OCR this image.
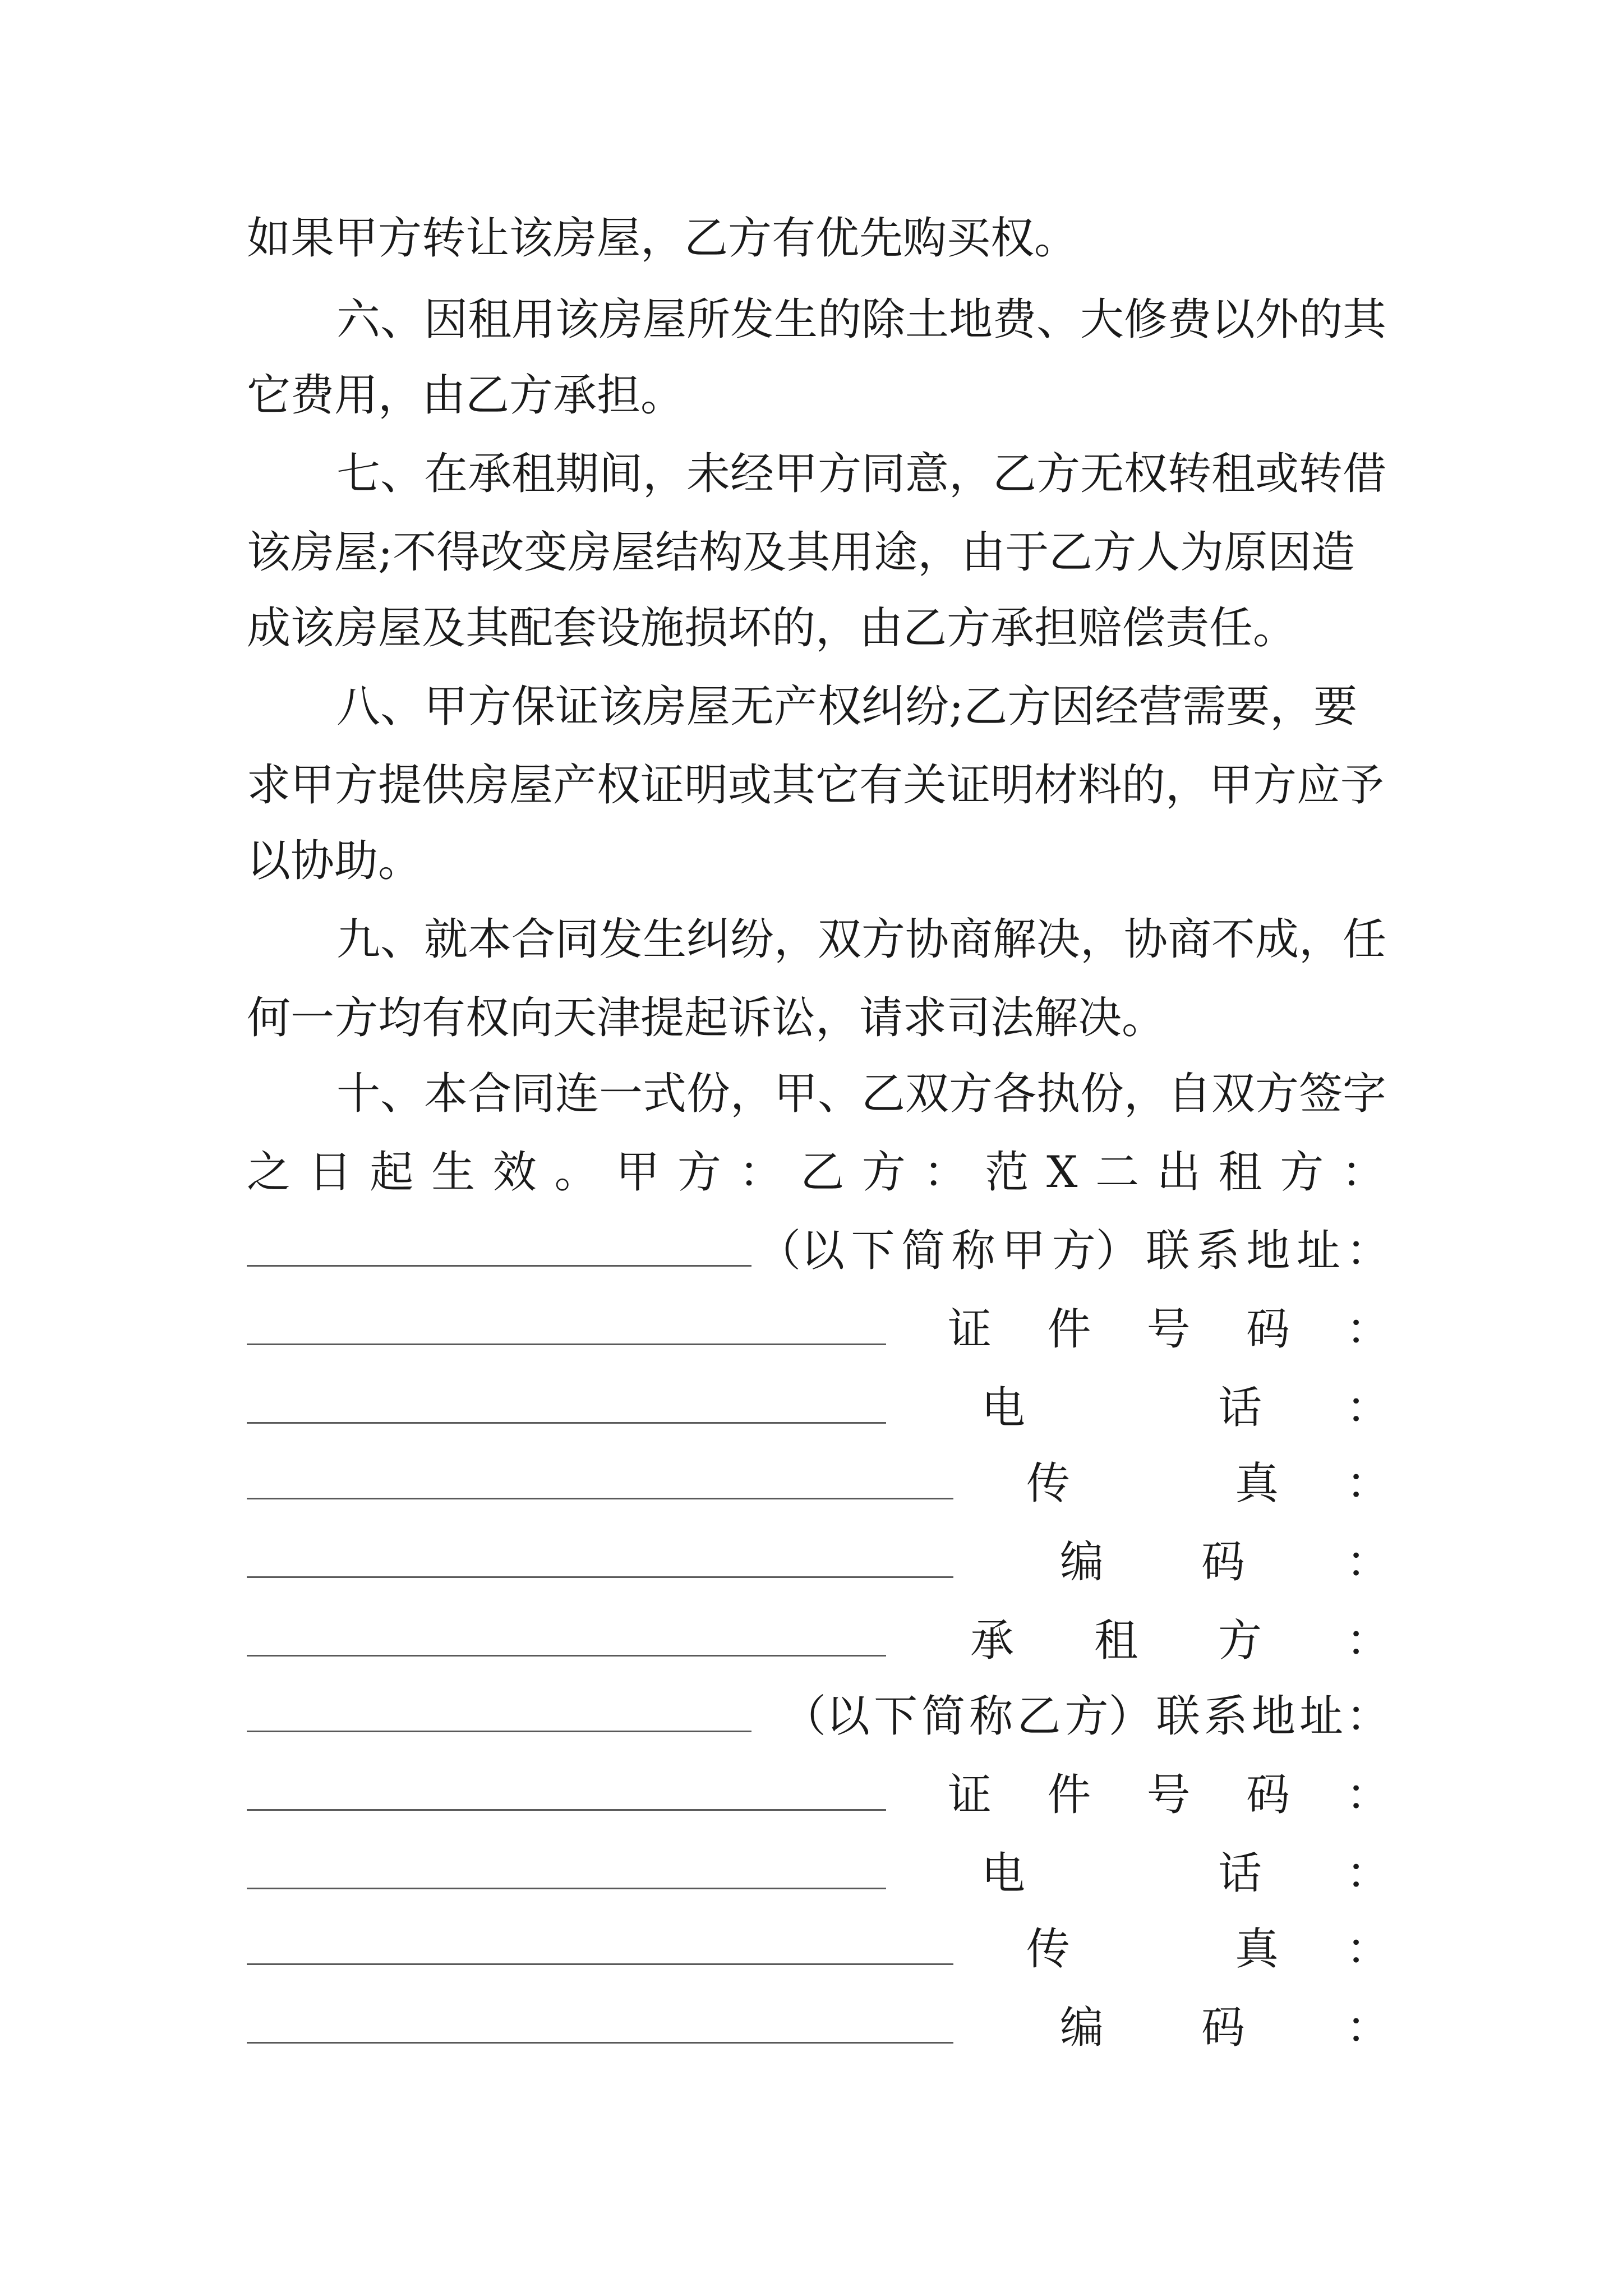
如果甲方转让该房屋，乙方有优先购买权。
六、因租用该房屋所发生的除土地费、大修费以外的其
它费用，由乙方承担。
七、在承租期间，未经甲方同意，乙方无权转租或转借
该房屋;不得改变房屋结构及其用途，由于乙方人为原因造
成该房屋及其配套设施损坏的，由乙方承担赔偿责任。
八、甲方保证该房屋无产权纠纷;乙方因经营需要，要
求甲方提供房屋产权证明或其它有关证明材料的，甲方应予
以协助。
九、就本合同发生纠纷，双方协商解决，协商不成，任
何一方均有权向天津提起诉讼，请求司法解决。
十、本合同连一式份，甲、乙双方各执份，自双方签字
之 日 起 生 效 。 甲 方 ： 乙 方 ： 范 X 二 出 租 方 ：
（以 下 简 称 甲 方） 联 系 地 址 ：
证 件 号 码 ：
电	话 ：
传	真 ：
编 码 ：
承 租 方 ：
（以 下 简 称 乙 方） 联 系 地 址 ：
证 件 号 码 ：
电	话 ：
传	真 ：
编 码 ：
